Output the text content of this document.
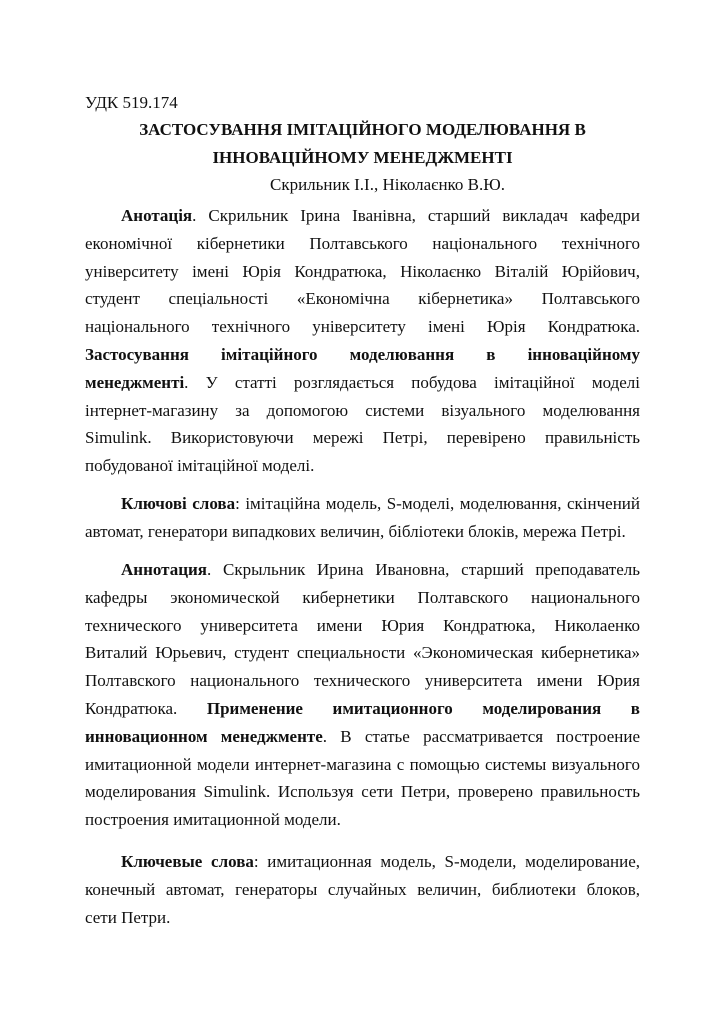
УДК 519.174
ЗАСТОСУВАННЯ ІМІТАЦІЙНОГО МОДЕЛЮВАННЯ В
ІННОВАЦІЙНОМУ МЕНЕДЖМЕНТІ
Скрильник І.І., Ніколаєнко В.Ю.
Анотація. Скрильник Ірина Іванівна, старший викладач кафедри
економічної кібернетики Полтавського національного технічного
університету імені Юрія Кондратюка, Ніколаєнко Віталій Юрійович,
студент спеціальності «Економічна кібернетика» Полтавського
національного технічного університету імені Юрія Кондратюка.
Застосування імітаційного моделювання в інноваційному
менеджменті. У статті розглядається побудова імітаційної моделі
інтернет-магазину за допомогою системи візуального моделювання
Simulink. Використовуючи мережі Петрі, перевірено правильність
побудованої імітаційної моделі.
Ключові слова: імітаційна модель, S-моделі, моделювання, скінчений
автомат, генератори випадкових величин, бібліотеки блоків, мережа Петрі.
Аннотация. Скрыльник Ирина Ивановна, старший преподаватель
кафедры экономической кибернетики Полтавского национального
технического университета имени Юрия Кондратюка, Николаенко
Виталий Юрьевич, студент специальности «Экономическая кибернетика»
Полтавского национального технического университета имени Юрия
Кондратюка. Применение имитационного моделирования в
инновационном менеджменте. В статье рассматривается построение
имитационной модели интернет-магазина с помощью системы визуального
моделирования Simulink. Используя сети Петри, проверено правильность
построения имитационной модели.
Ключевые слова: имитационная модель, S-модели, моделирование,
конечный автомат, генераторы случайных величин, библиотеки блоков,
сети Петри.
